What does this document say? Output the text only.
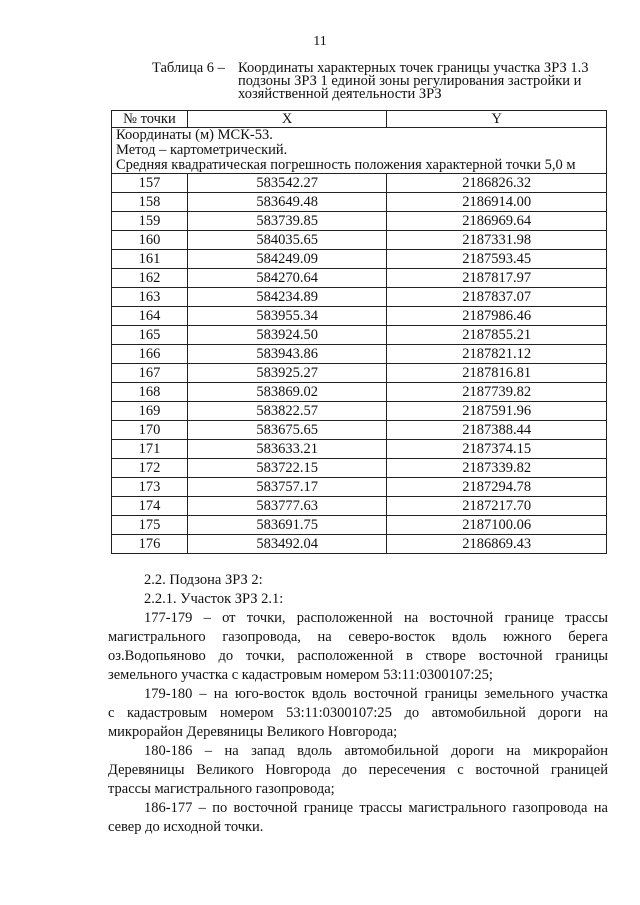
11
Таблица 6 – Координаты характерных точек границы участка ЗРЗ 1.3
подзоны ЗРЗ 1 единой зоны регулирования застройки и
хозяйственной деятельности ЗРЗ
№ точки	X	Y

Координаты (м) МСК-53.
Метод – картометрический.
Средняя квадратическая погрешность положения характерной точки 5,0 м		

157	583542.27	2186826.32
158	583649.48	2186914.00
159	583739.85	2186969.64
160	584035.65	2187331.98
161	584249.09	2187593.45
162	584270.64	2187817.97
163	584234.89	2187837.07
164	583955.34	2187986.46
165	583924.50	2187855.21
166	583943.86	2187821.12
167	583925.27	2187816.81
168	583869.02	2187739.82
169	583822.57	2187591.96
170	583675.65	2187388.44
171	583633.21	2187374.15
172	583722.15	2187339.82
173	583757.17	2187294.78
174	583777.63	2187217.70
175	583691.75	2187100.06
176	583492.04	2186869.43

2.2. Подзона ЗРЗ 2:

2.2.1. Участок ЗРЗ 2.1:

177-179 – от точки, расположенной на восточной границе трассы
магистрального газопровода, на северо-восток вдоль южного берега
оз.Водопьяново до точки, расположенной в створе восточной границы
земельного участка с кадастровым номером 53:11:0300107:25;

179-180 – на юго-восток вдоль восточной границы земельного участка
с кадастровым номером 53:11:0300107:25 до автомобильной дороги на
микрорайон Деревяницы Великого Новгорода;

180-186 – на запад вдоль автомобильной дороги на микрорайон
Деревяницы Великого Новгорода до пересечения с восточной границей
трассы магистрального газопровода;

186-177 – по восточной границе трассы магистрального газопровода на
север до исходной точки.
